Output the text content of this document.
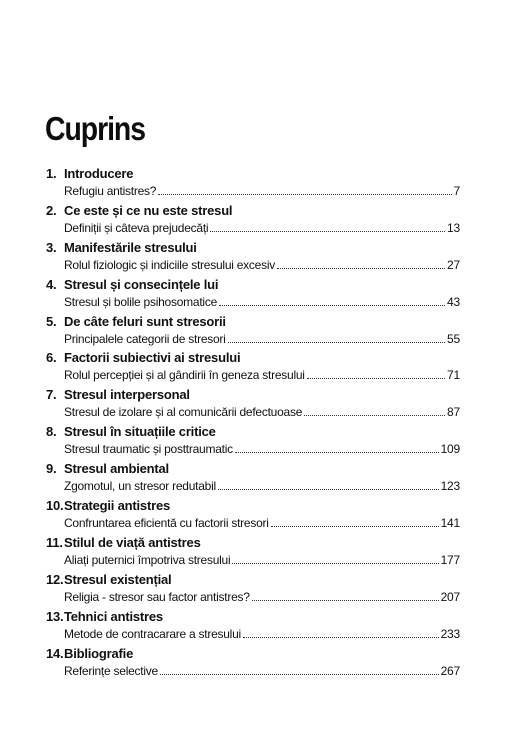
Cuprins
1. Introducere
Refugiu antistres?	7
2. Ce este și ce nu este stresul
Definiții și câteva prejudecăți	13
3. Manifestările stresului
Rolul fiziologic și indiciile stresului excesiv	27
4. Stresul și consecințele lui
Stresul și bolile psihosomatice	43
5. De câte feluri sunt stresorii
Principalele categorii de stresori	55
6. Factorii subiectivi ai stresului
Rolul percepției și al gândirii în geneza stresului	71
7. Stresul interpersonal
Stresul de izolare și al comunicării defectuoase	87
8. Stresul în situațiile critice
Stresul traumatic și posttraumatic	109
9. Stresul ambiental
Zgomotul, un stresor redutabil	123
10. Strategii antistres
Confruntarea eficientă cu factorii stresori	141
11. Stilul de viață antistres
Aliați puternici împotriva stresului	177
12. Stresul existențial
Religia - stresor sau factor antistres?	207
13. Tehnici antistres
Metode de contracarare a stresului	233
14. Bibliografie
Referințe selective	267
